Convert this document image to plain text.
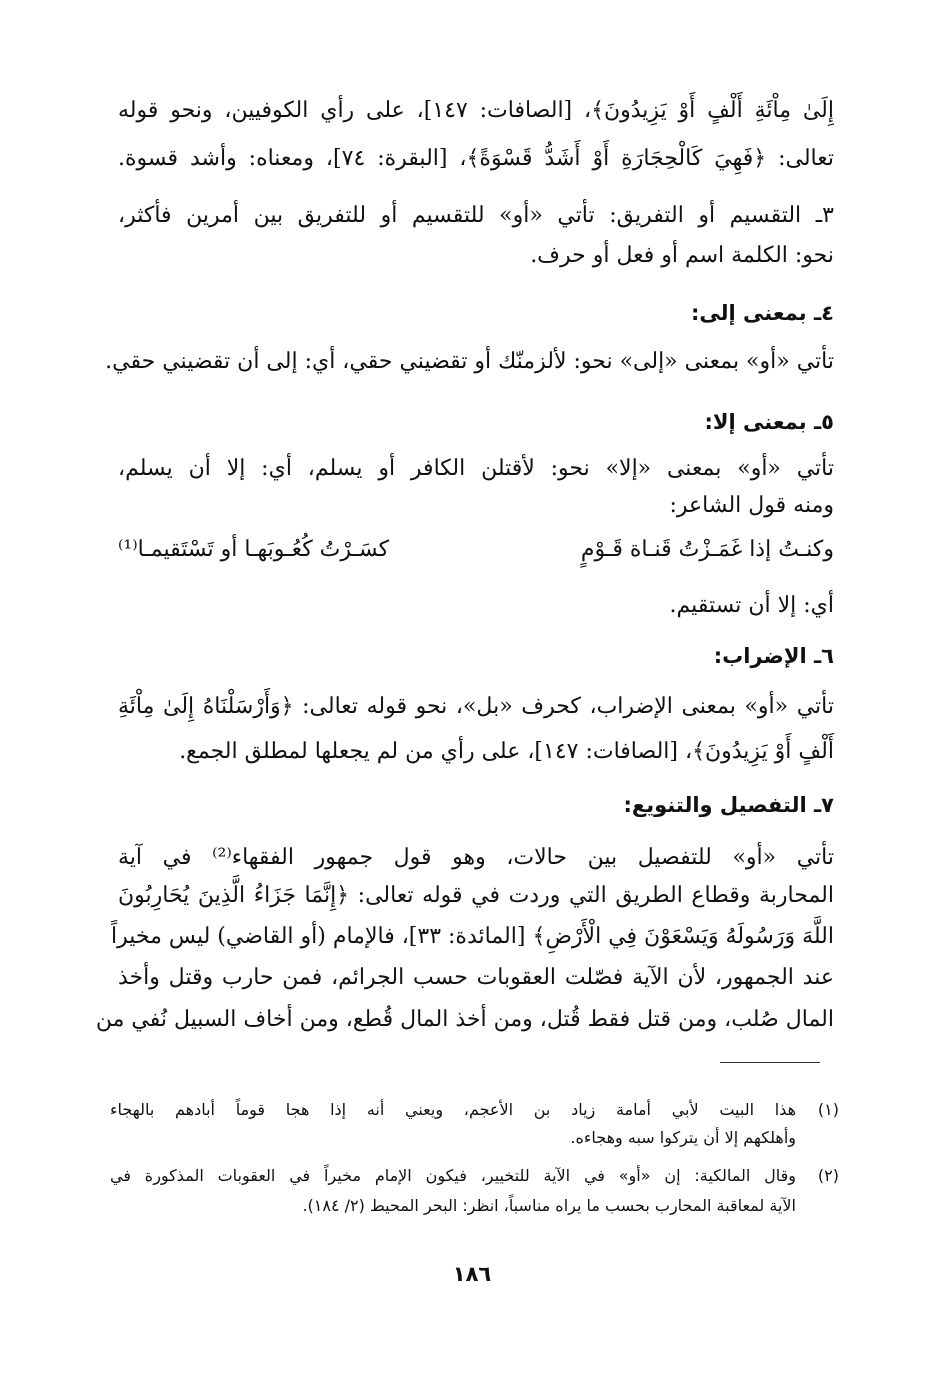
إِلَىٰ مِاْئَةِ أَلْفٍ أَوْ يَزِيدُونَ﴾، [الصافات: ١٤٧]، على رأي الكوفيين، ونحو قوله
تعالى: ﴿فَهِيَ كَالْحِجَارَةِ أَوْ أَشَدُّ قَسْوَةً﴾، [البقرة: ٧٤]، ومعناه: وأشد قسوة.
٣ـ التقسيم أو التفريق: تأتي «أو» للتقسيم أو للتفريق بين أمرين فأكثر،
نحو: الكلمة اسم أو فعل أو حرف.
٤ـ بمعنى إلى:
تأتي «أو» بمعنى «إلى» نحو: لألزمنّك أو تقضيني حقي، أي: إلى أن تقضيني حقي.
٥ـ بمعنى إلا:
تأتي «أو» بمعنى «إلا» نحو: لأقتلن الكافر أو يسلم، أي: إلا أن يسلم،
ومنه قول الشاعر:
وكنـتُ إذا غَمَـزْتُ قَنـاة قَـوْمٍ
كسَـرْتُ كُعُـوبَهـا أو تَسْتَقيمـا⁽¹⁾
أي: إلا أن تستقيم.
٦ـ الإضراب:
تأتي «أو» بمعنى الإضراب، كحرف «بل»، نحو قوله تعالى: ﴿وَأَرْسَلْنَاهُ إِلَىٰ مِاْئَةِ
أَلْفٍ أَوْ يَزِيدُونَ﴾، [الصافات: ١٤٧]، على رأي من لم يجعلها لمطلق الجمع.
٧ـ التفصيل والتنويع:
تأتي «أو» للتفصيل بين حالات، وهو قول جمهور الفقهاء⁽²⁾ في آية
المحاربة وقطاع الطريق التي وردت في قوله تعالى: ﴿إِنَّمَا جَزَاءُ الَّذِينَ يُحَارِبُونَ
اللَّهَ وَرَسُولَهُ وَيَسْعَوْنَ فِي الْأَرْضِ﴾ [المائدة: ٣٣]، فالإمام (أو القاضي) ليس مخيراً
عند الجمهور، لأن الآية فصّلت العقوبات حسب الجرائم، فمن حارب وقتل وأخذ
المال صُلب، ومن قتل فقط قُتل، ومن أخذ المال قُطع، ومن أخاف السبيل نُفي من
(١)
هذا البيت لأبي أمامة زياد بن الأعجم، ويعني أنه إذا هجا قوماً أبادهم بالهجاء
وأهلكهم إلا أن يتركوا سبه وهجاءه.
(٢)
وقال المالكية: إن «أو» في الآية للتخيير، فيكون الإمام مخيراً في العقوبات المذكورة في
الآية لمعاقبة المحارب بحسب ما يراه مناسباً، انظر: البحر المحيط (٢/ ١٨٤).
١٨٦
